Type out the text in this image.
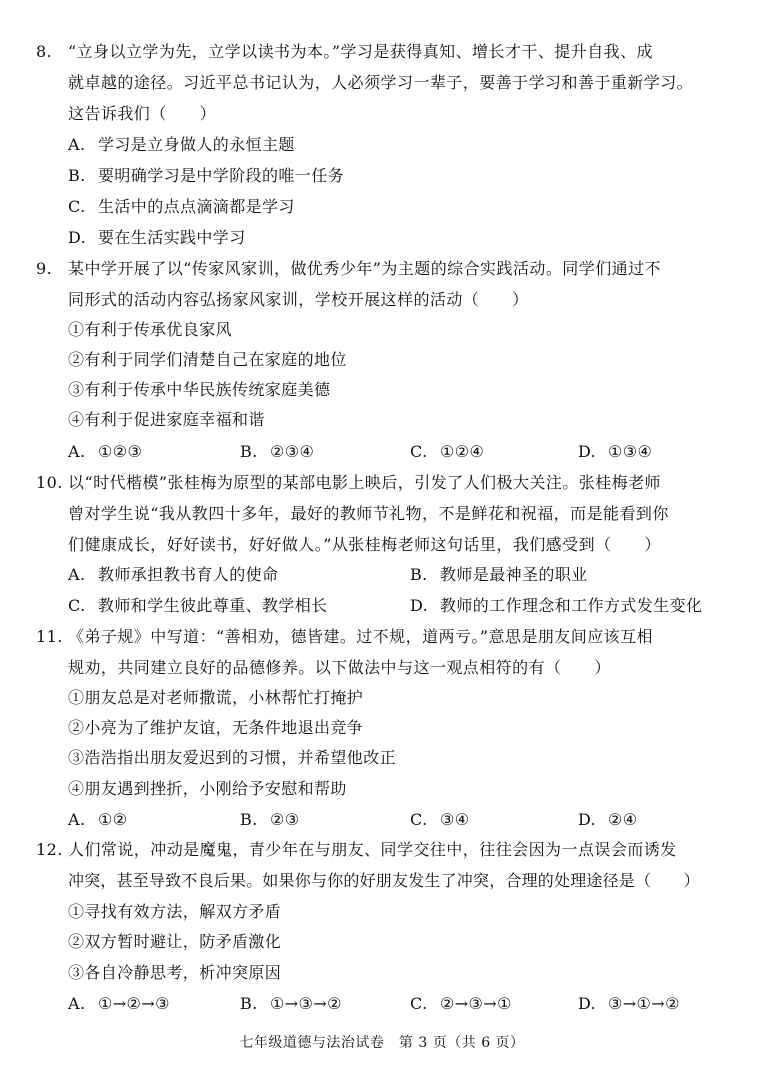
8. “立身以立学为先，立学以读书为本。”学习是获得真知、增长才干、提升自我、成
就卓越的途径。习近平总书记认为，人必须学习一辈子，要善于学习和善于重新学习。
这告诉我们（　　）
A. 学习是立身做人的永恒主题
B. 要明确学习是中学阶段的唯一任务
C. 生活中的点点滴滴都是学习
D. 要在生活实践中学习
9. 某中学开展了以“传家风家训，做优秀少年”为主题的综合实践活动。同学们通过不
同形式的活动内容弘扬家风家训，学校开展这样的活动（　　）
①有利于传承优良家风
②有利于同学们清楚自己在家庭的地位
③有利于传承中华民族传统家庭美德
④有利于促进家庭幸福和谐
A. ①②③	B. ②③④	C. ①②④	D. ①③④
10. 以“时代楷模”张桂梅为原型的某部电影上映后，引发了人们极大关注。张桂梅老师
曾对学生说“我从教四十多年，最好的教师节礼物，不是鲜花和祝福，而是能看到你
们健康成长，好好读书，好好做人。”从张桂梅老师这句话里，我们感受到（　　）
A. 教师承担教书育人的使命	B. 教师是最神圣的职业
C. 教师和学生彼此尊重、教学相长	D. 教师的工作理念和工作方式发生变化
11. 《弟子规》中写道：“善相劝，德皆建。过不规，道两亏。”意思是朋友间应该互相
规劝，共同建立良好的品德修养。以下做法中与这一观点相符的有（　　）
①朋友总是对老师撒谎，小林帮忙打掩护
②小亮为了维护友谊，无条件地退出竞争
③浩浩指出朋友爱迟到的习惯，并希望他改正
④朋友遇到挫折，小刚给予安慰和帮助
A. ①②	B. ②③	C. ③④	D. ②④
12. 人们常说，冲动是魔鬼，青少年在与朋友、同学交往中，往往会因为一点误会而诱发
冲突，甚至导致不良后果。如果你与你的好朋友发生了冲突，合理的处理途径是（　　）
①寻找有效方法，解双方矛盾
②双方暂时避让，防矛盾激化
③各自冷静思考，析冲突原因
A. ①→②→③	B. ①→③→②	C. ②→③→①	D. ③→①→②
七年级道德与法治试卷　第 3 页（共 6 页）
